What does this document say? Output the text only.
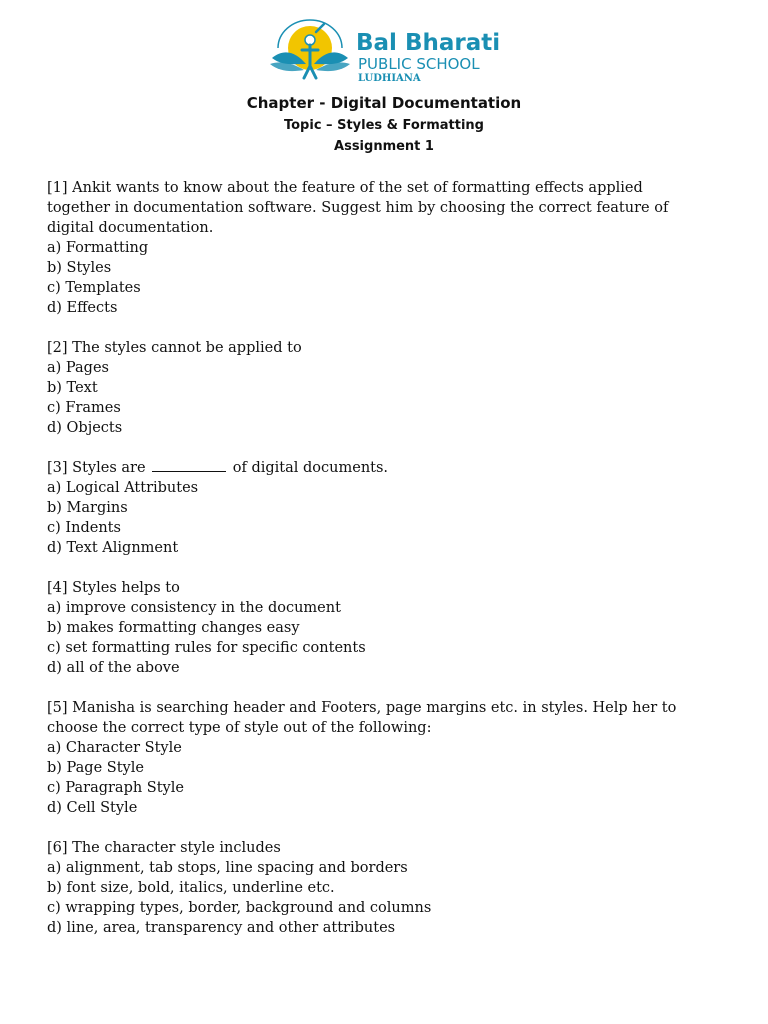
Bal Bharati
PUBLIC SCHOOL
LUDHIANA
Chapter - Digital Documentation
Topic – Styles & Formatting
Assignment 1
[1] Ankit wants to know about the feature of the set of formatting effects applied
together in documentation software. Suggest him by choosing the correct feature of
digital documentation.
a) Formatting
b) Styles
c) Templates
d) Effects
[2] The styles cannot be applied to
a) Pages
b) Text
c) Frames
d) Objects
[3] Styles are	of digital documents.
a) Logical Attributes
b) Margins
c) Indents
d) Text Alignment
[4] Styles helps to
a) improve consistency in the document
b) makes formatting changes easy
c) set formatting rules for specific contents
d) all of the above
[5] Manisha is searching header and Footers, page margins etc. in styles. Help her to
choose the correct type of style out of the following:
a) Character Style
b) Page Style
c) Paragraph Style
d) Cell Style
[6] The character style includes
a) alignment, tab stops, line spacing and borders
b) font size, bold, italics, underline etc.
c) wrapping types, border, background and columns
d) line, area, transparency and other attributes
